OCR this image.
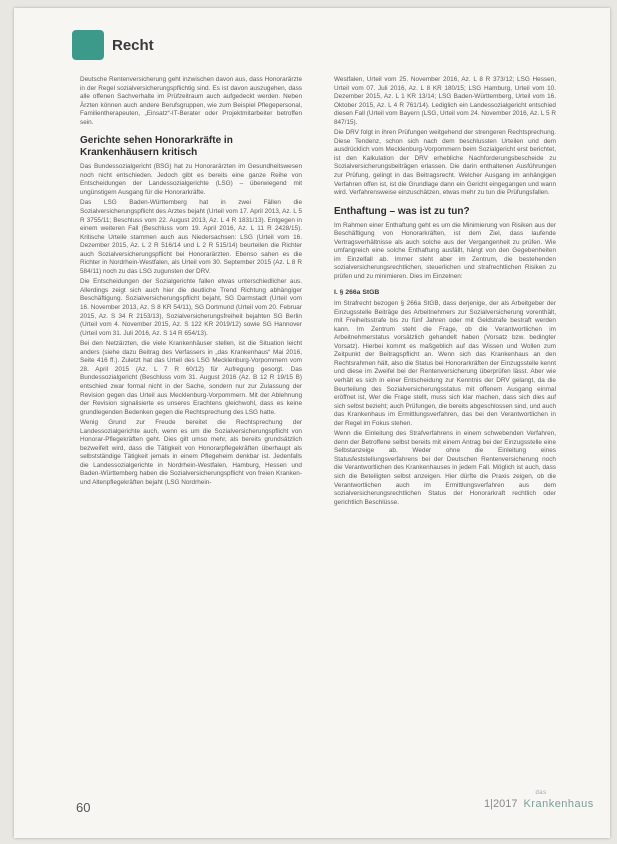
Recht

Deutsche Rentenversicherung geht inzwischen davon aus, dass Honorarärzte in der Regel sozialversicherungspflichtig sind. Es ist davon auszugehen, dass alle offenen Sachverhalte im Prüfzeitraum auch aufgedeckt werden. Neben Ärzten können auch andere Berufsgruppen, wie zum Beispiel Pflegepersonal, Familientherapeuten, „Einsatz“-IT-Berater oder Projektmitarbeiter betroffen sein.

Gerichte sehen Honorarkräfte in Krankenhäusern kritisch

Das Bundessozialgericht (BSG) hat zu Honorarärzten im Gesundheitswesen noch nicht entschieden. Jedoch gibt es bereits eine ganze Reihe von Entscheidungen der Landessozialgerichte (LSG) – überwiegend mit ungünstigem Ausgang für die Honorarkräfte.

Das LSG Baden-Württemberg hat in zwei Fällen die Sozialversicherungspflicht des Arztes bejaht (Urteil vom 17. April 2013, Az. L 5 R 3755/11; Beschluss vom 22. August 2013, Az. L 4 R 1831/13). Entgegen in einem weiteren Fall (Beschluss vom 19. April 2016, Az. L 11 R 2428/15). Kritische Urteile stammen auch aus Niedersachsen: LSG (Urteil vom 16. Dezember 2015, Az. L 2 R 516/14 und L 2 R 515/14) beurteilen die Richter auch Sozialversicherungspflicht bei Honorarärzten. Ebenso sahen es die Richter in Nordrhein-Westfalen, als Urteil vom 30. September 2015 (Az. L 8 R 584/11) noch zu das LSG zugunsten der DRV.

Die Entscheidungen der Sozialgerichte fallen etwas unterschiedlicher aus. Allerdings zeigt sich auch hier die deutliche Trend Richtung abhängiger Beschäftigung. Sozialversicherungspflicht bejaht, SG Darmstadt (Urteil vom 16. November 2013, Az. S 8 KR 54/11), SG Dortmund (Urteil vom 20. Februar 2015, Az. S 34 R 2153/13), Sozialversicherungsfreiheit bejahten SG Berlin (Urteil vom 4. November 2015, Az. S 122 KR 2019/12) sowie SG Hannover (Urteil vom 31. Juli 2016, Az. S 14 R 654/13).

Bei den Netzärzten, die viele Krankenhäuser stellen, ist die Situation leicht anders (siehe dazu Beitrag des Verfassers in „das Krankenhaus“ Mai 2016, Seite 416 ff.). Zuletzt hat das Urteil des LSG Mecklenburg-Vorpommern vom 28. April 2015 (Az. L 7 R 60/12) für Aufregung gesorgt. Das Bundessozialgericht (Beschluss vom 31. August 2016 (Az. B 12 R 19/15 B) entschied zwar formal nicht in der Sache, sondern nur zur Zulassung der Revision gegen das Urteil aus Mecklenburg-Vorpommern. Mit der Ablehnung der Revision signalisierte es unseres Erachtens gleichwohl, dass es keine grundlegenden Bedenken gegen die Rechtsprechung des LSG hatte.

Wenig Grund zur Freude bereitet die Rechtsprechung der Landessozialgerichte auch, wenn es um die Sozialversicherungspflicht von Honorar-Pflegekräften geht. Dies gilt umso mehr, als bereits grundsätzlich bezweifelt wird, dass die Tätigkeit von Honorarpflegekräften überhaupt als selbstständige Tätigkeit jemals in einem Pflegeheim denkbar ist. Jedenfalls die Landessozialgerichte in Nordrhein-Westfalen, Hamburg, Hessen und Baden-Württemberg haben die Sozialversicherungspflicht von freien Kranken- und Altenpflegekräften bejaht (LSG Nordrhein-

Westfalen, Urteil vom 25. November 2016, Az. L 8 R 373/12; LSG Hessen, Urteil vom 07. Juli 2016, Az. L 8 KR 180/15; LSG Hamburg, Urteil vom 10. Dezember 2015, Az. L 1 KR 13/14; LSG Baden-Württemberg, Urteil vom 16. Oktober 2015, Az. L 4 R 761/14). Lediglich ein Landessozialgericht entschied diesen Fall (Urteil vom Bayern (LSG, Urteil vom 24. November 2016, Az. L 5 R 847/15).

Die DRV folgt in ihren Prüfungen weitgehend der strengeren Rechtsprechung. Diese Tendenz, schon sich nach dem beschlussten Urteilen und dem ausdrücklich vom Mecklenburg-Vorpommern beim Sozialgericht erst berichtet, ist den Kalkulation der DRV erhebliche Nachforderungsbescheide zu Sozialversicherungsbeiträgen erlassen. Die darin enthaltenen Ausführungen zur Prüfung, gelingt in das Beitragsrecht. Welcher Ausgang im anhängigen Verfahren offen ist, ist die Grundlage dann ein Gericht eingegangen und wann wird. Verfahrensweise einzuschätzen, etwas mehr zu tun die Prüfungsfallen.

Enthaftung – was ist zu tun?

Im Rahmen einer Enthaftung geht es um die Minimierung von Risiken aus der Beschäftigung von Honorarkräften, ist dem Ziel, dass laufende Vertragsverhältnisse als auch solche aus der Vergangenheit zu prüfen. Wie umfangreich eine solche Enthaftung ausfällt, hängt von den Gegebenheiten im Einzelfall ab. Immer steht aber im Zentrum, die bestehenden sozialversicherungsrechtlichen, steuerlichen und strafrechtlichen Risiken zu prüfen und zu minimieren. Dies im Einzelnen:

I. § 266a StGB

Im Strafrecht bezogen § 266a StGB, dass derjenige, der als Arbeitgeber der Einzugsstelle Beiträge des Arbeitnehmers zur Sozialversicherung vorenthält, mit Freiheitsstrafe bis zu fünf Jahren oder mit Geldstrafe bestraft werden kann. Im Zentrum steht die Frage, ob die Verantwortlichen im Arbeitnehmerstatus vorsätzlich gehandelt haben (Vorsatz bzw. bedingter Vorsatz). Hierbei kommt es maßgeblich auf das Wissen und Wollen zum Zeitpunkt der Beitragspflicht an. Wenn sich das Krankenhaus an den Rechtsrahmen hält, also die Status bei Honorarkräften der Einzugsstelle kennt und diese im Zweifel bei der Rentenversicherung überprüfen lässt. Aber wie verhält es sich in einer Entscheidung zur Kenntnis der DRV gelangt, da die Beurteilung des Sozialversicherungsstatus mit offenem Ausgang einmal eröffnet ist, Wer die Frage stellt, muss sich klar machen, dass sich dies auf sich selbst bezieht; auch Prüfungen, die bereits abgeschlossen sind, und auch das Krankenhaus im Ermittlungsverfahren, das bei den Verantwortlichen in der Regel im Fokus stehen.

Wenn die Einleitung des Strafverfahrens in einem schwebenden Verfahren, denn der Betroffene selbst bereits mit einem Antrag bei der Einzugsstelle eine Selbstanzeige ab. Weder ohne die Einleitung eines Statusfeststellungsverfahrens bei der Deutschen Rentenversicherung noch die Verantwortlichen des Krankenhauses in jedem Fall. Möglich ist auch, dass sich die Beteiligten selbst anzeigen. Hier dürfte die Praxis zeigen, ob die Verantwortlichen auch im Ermittlungsverfahren aus dem sozialversicherungsrechtlichen Status der Honorarkraft rechtlich oder gerichtlich Beschlüsse.

60	1|2017
das
Krankenhaus
